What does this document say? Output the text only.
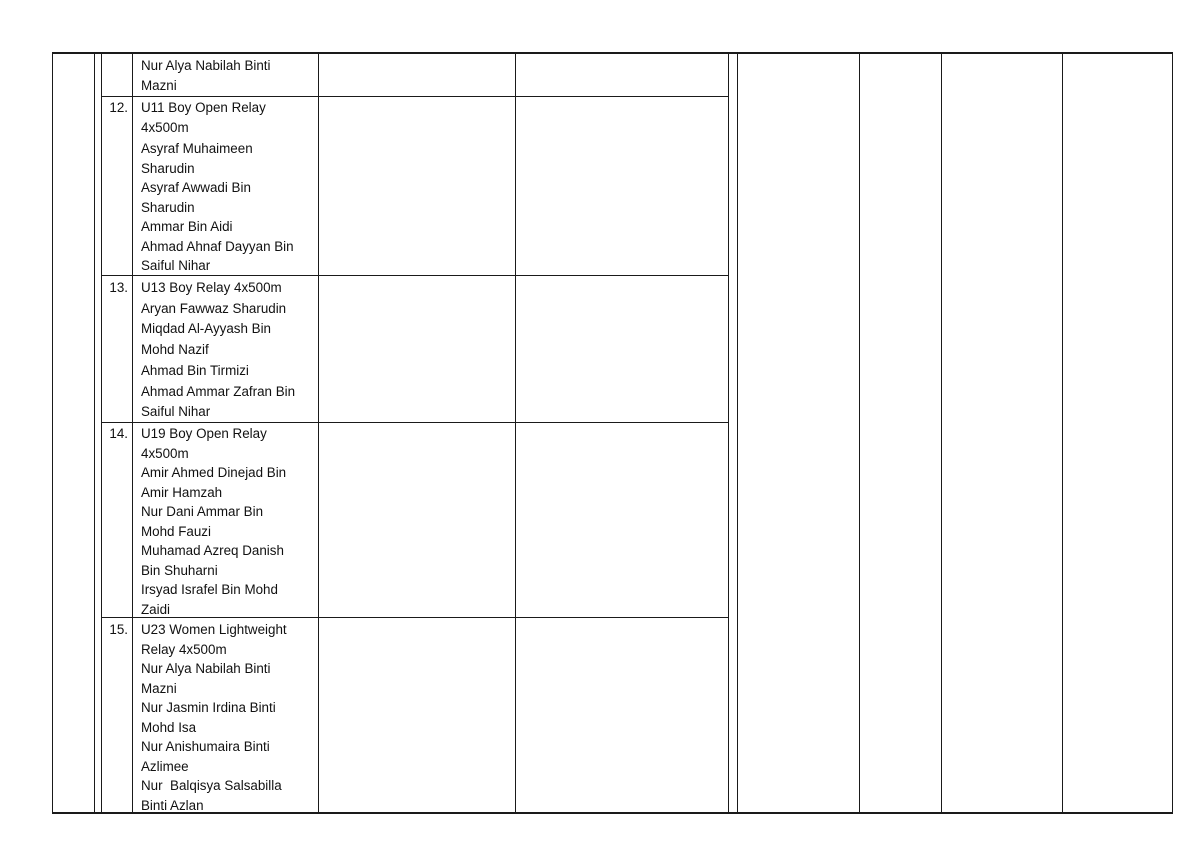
Nur Alya Nabilah Binti
Mazni
12. U11 Boy Open Relay
4x500m
Asyraf Muhaimeen
Sharudin
Asyraf Awwadi Bin
Sharudin
Ammar Bin Aidi
Ahmad Ahnaf Dayyan Bin
Saiful Nihar
13. U13 Boy Relay 4x500m
Aryan Fawwaz Sharudin
Miqdad Al-Ayyash Bin
Mohd Nazif
Ahmad Bin Tirmizi
Ahmad Ammar Zafran Bin
Saiful Nihar
14. U19 Boy Open Relay
4x500m
Amir Ahmed Dinejad Bin
Amir Hamzah
Nur Dani Ammar Bin
Mohd Fauzi
Muhamad Azreq Danish
Bin Shuharni
Irsyad Israfel Bin Mohd
Zaidi
15. U23 Women Lightweight
Relay 4x500m
Nur Alya Nabilah Binti
Mazni
Nur Jasmin Irdina Binti
Mohd Isa
Nur Anishumaira Binti
Azlimee
Nur  Balqisya Salsabilla
Binti Azlan
